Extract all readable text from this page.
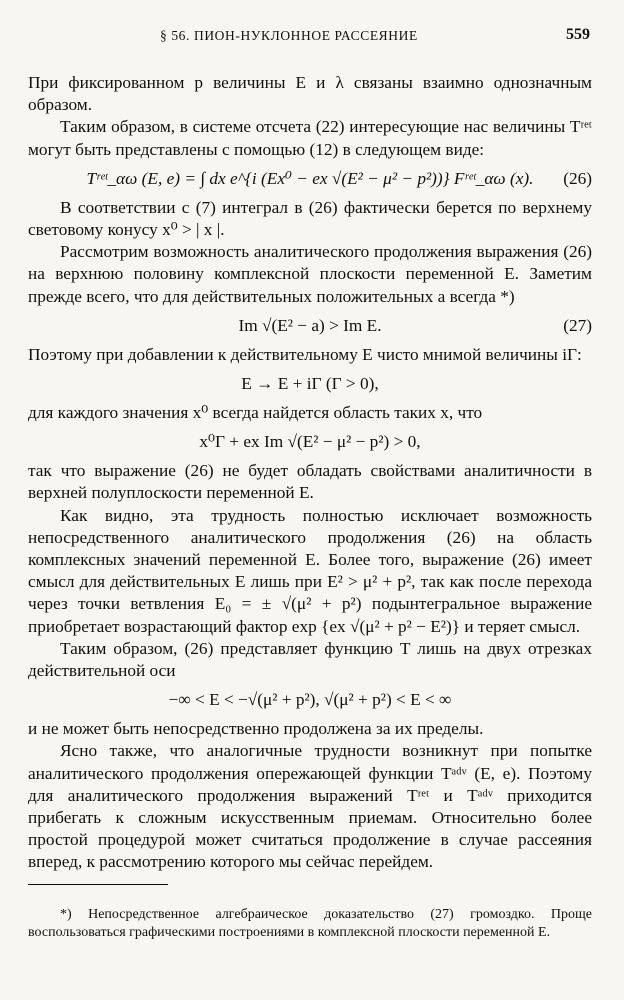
§ 56. ПИОН-НУКЛОННОЕ РАССЕЯНИЕ	559

При фиксированном p величины E и λ связаны взаимно однозначным образом.

Таким образом, в системе отсчета (22) интересующие нас величины Tʳᵉᵗ могут быть представлены с помощью (12) в следующем виде:

Tʳᵉᵗ_αω (E, e) = ∫ dx e^{i (Ex⁰ − ex √(E² − μ² − p²))} Fʳᵉᵗ_αω (x). (26)

В соответствии с (7) интеграл в (26) фактически берется по верхнему световому конусу x⁰ > | x |.

Рассмотрим возможность аналитического продолжения выражения (26) на верхнюю половину комплексной плоскости переменной E. Заметим прежде всего, что для действительных положительных a всегда *)

Im √(E² − a) > Im E.	(27)

Поэтому при добавлении к действительному E чисто мнимой величины iΓ:

E → E + iΓ (Γ > 0),

для каждого значения x⁰ всегда найдется область таких x, что

x⁰Γ + ex Im √(E² − μ² − p²) > 0,

так что выражение (26) не будет обладать свойствами аналитичности в верхней полуплоскости переменной E.

Как видно, эта трудность полностью исключает возможность непосредственного аналитического продолжения (26) на область комплексных значений переменной E. Более того, выражение (26) имеет смысл для действительных E лишь при E² > μ² + p², так как после перехода через точки ветвления E₀ = ± √(μ² + p²) подынтегральное выражение приобретает возрастающий фактор exp {ex √(μ² + p² − E²)} и теряет смысл.

Таким образом, (26) представляет функцию T лишь на двух отрезках действительной оси

−∞ < E < −√(μ² + p²), √(μ² + p²) < E < ∞

и не может быть непосредственно продолжена за их пределы.

Ясно также, что аналогичные трудности возникнут при попытке аналитического продолжения опережающей функции Tᵃᵈᵛ (E, e). Поэтому для аналитического продолжения выражений Tʳᵉᵗ и Tᵃᵈᵛ приходится прибегать к сложным искусственным приемам. Относительно более простой процедурой может считаться продолжение в случае рассеяния вперед, к рассмотрению которого мы сейчас перейдем.

*) Непосредственное алгебраическое доказательство (27) громоздко. Проще воспользоваться графическими построениями в комплексной плоскости переменной E.
